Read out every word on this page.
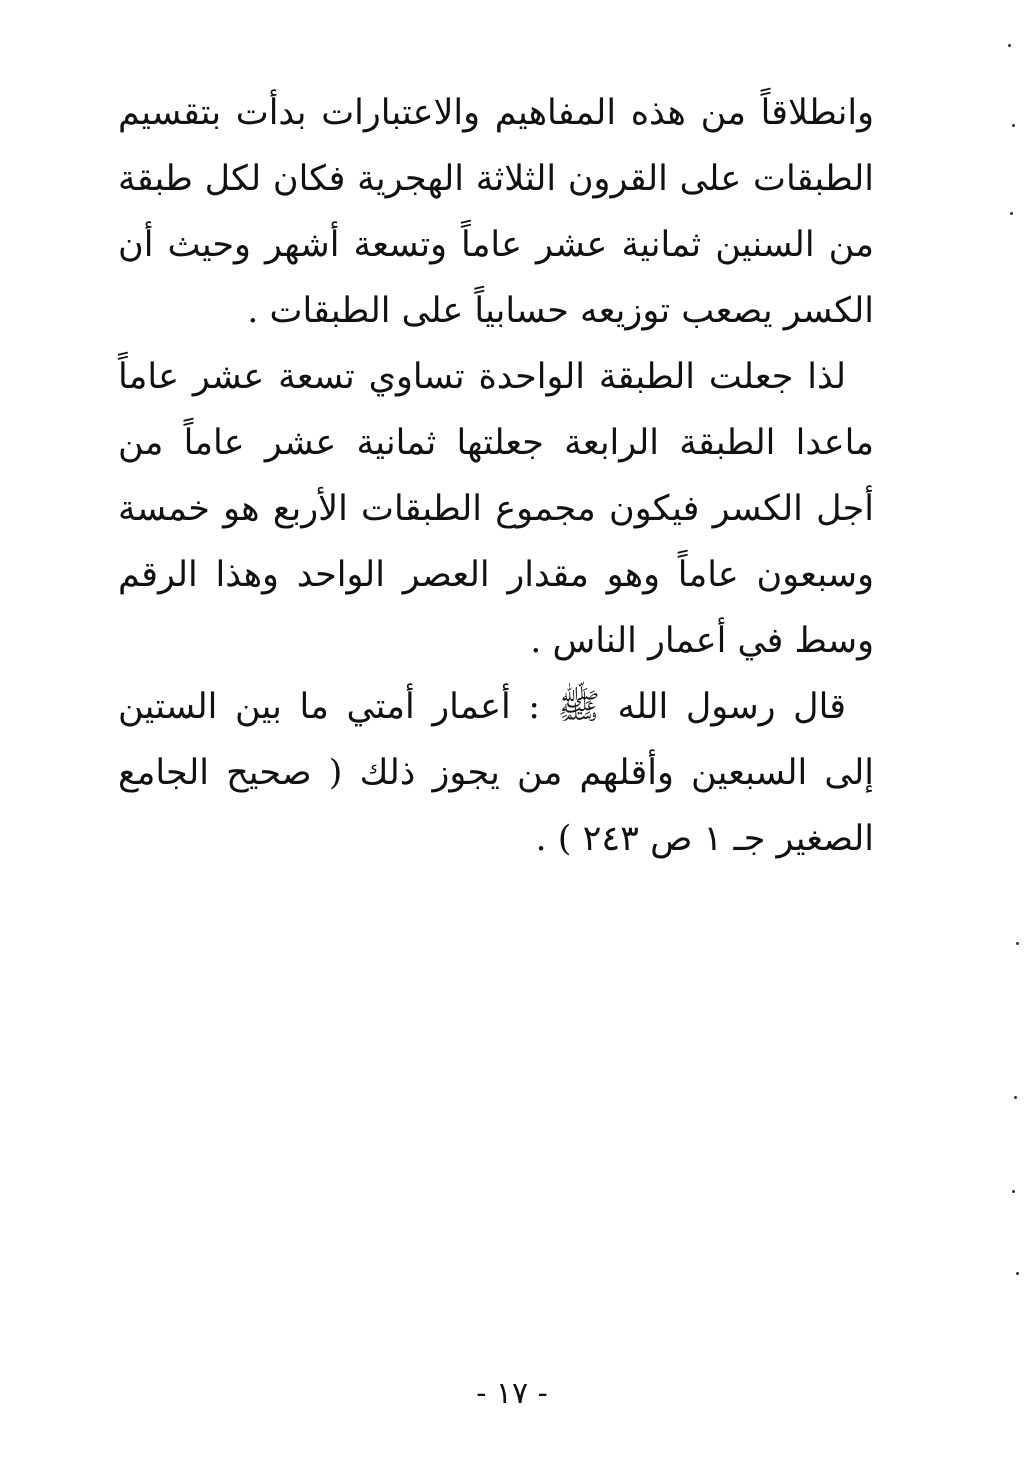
وانطلاقاً من هذه المفاهيم والاعتبارات بدأت بتقسيم الطبقات على القرون الثلاثة الهجرية فكان لكل طبقة من السنين ثمانية عشر عاماً وتسعة أشهر وحيث أن الكسر يصعب توزيعه حسابياً على الطبقات .

لذا جعلت الطبقة الواحدة تساوي تسعة عشر عاماً ماعدا الطبقة الرابعة جعلتها ثمانية عشر عاماً من أجل الكسر فيكون مجموع الطبقات الأربع هو خمسة وسبعون عاماً وهو مقدار العصر الواحد وهذا الرقم وسط في أعمار الناس .

قال رسول الله ﷺ : أعمار أمتي ما بين الستين إلى السبعين وأقلهم من يجوز ذلك ( صحيح الجامع الصغير جـ ١ ص ٢٤٣ ) .

- ١٧ -
